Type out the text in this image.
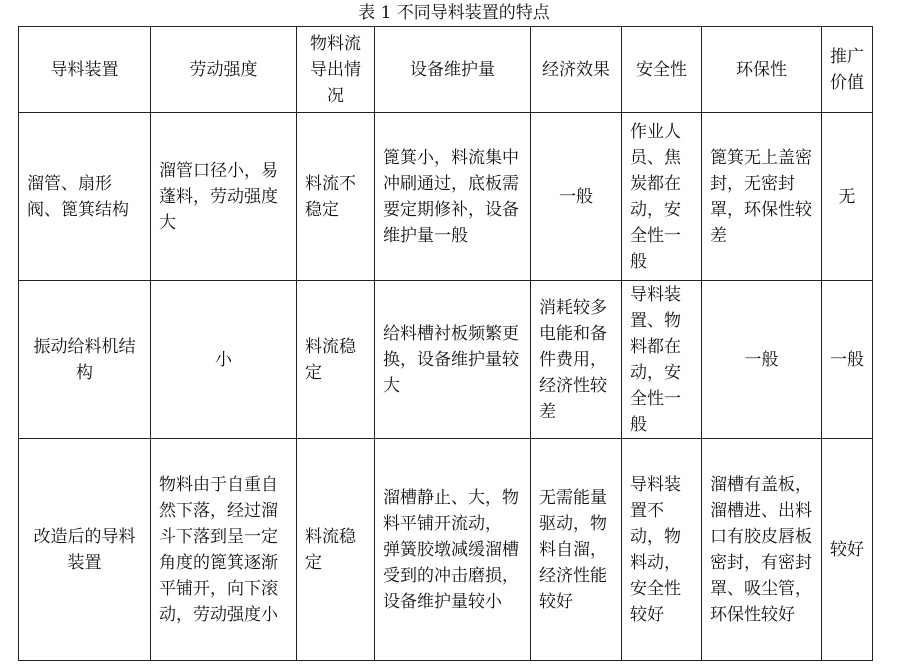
表 1 不同导料装置的特点
导料装置	劳动强度	物料流导出情况	设备维护量	经济效果	安全性	环保性	推广价值
溜管、扇形阀、篦箕结构	溜管口径小，易蓬料，劳动强度大	料流不稳定	篦箕小，料流集中冲刷通过，底板需要定期修补，设备维护量一般	一般	作业人员、焦炭都在动，安全性一般	篦箕无上盖密封，无密封罩，环保性较差	无
振动给料机结构	小	料流稳定	给料槽衬板频繁更换，设备维护量较大	消耗较多电能和备件费用，经济性较差	导料装置、物料都在动，安全性一般	一般	一般
改造后的导料装置	物料由于自重自然下落，经过溜斗下落到呈一定角度的篦箕逐渐平铺开，向下滚动，劳动强度小	料流稳定	溜槽静止、大，物料平铺开流动， 弹簧胶墩减缓溜槽受到的冲击磨损，设备维护量较小	无需能量驱动，物料自溜，经济性能较好	导料装置不动，物料动，安全性较好	溜槽有盖板，溜槽进、出料口有胶皮唇板密封，有密封罩、吸尘管，环保性较好	较好
